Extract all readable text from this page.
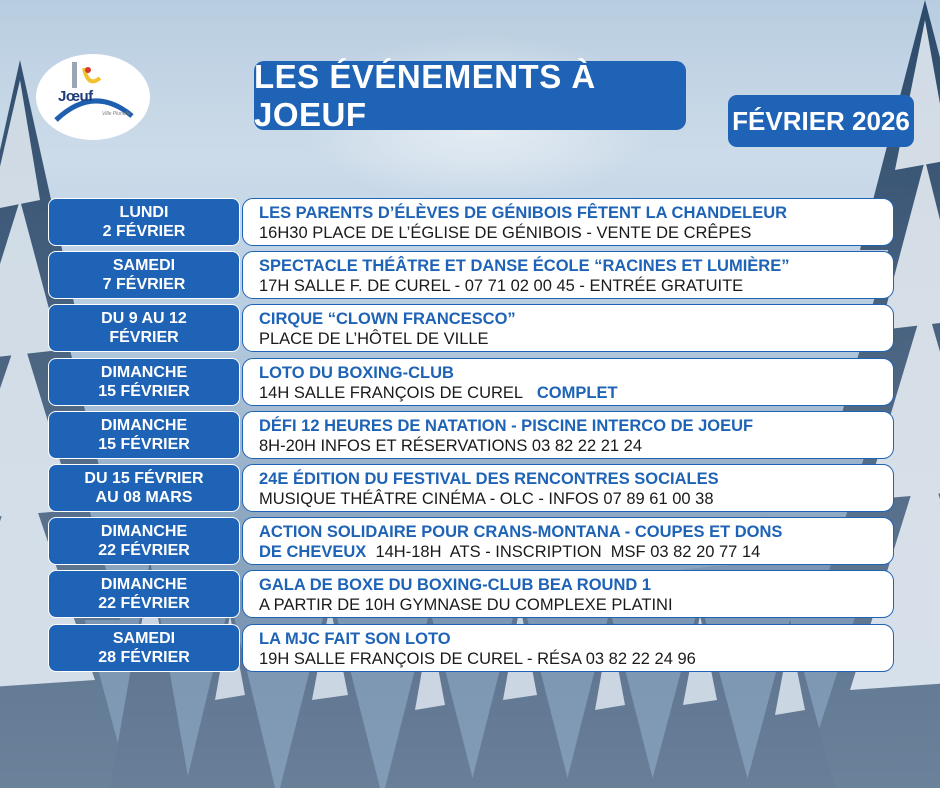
Jœuf
Ville Plurielle
LES ÉVÉNEMENTS À JOEUF	FÉVRIER 2026
LUNDI
2 FÉVRIER
LES PARENTS D’ÉLÈVES DE GÉNIBOIS FÊTENT LA CHANDELEUR
16H30 PLACE DE L’ÉGLISE DE GÉNIBOIS - VENTE DE CRÊPES
SAMEDI
7 FÉVRIER
SPECTACLE THÉÂTRE ET DANSE ÉCOLE “RACINES ET LUMIÈRE”
17H SALLE F. DE CUREL - 07 71 02 00 45 - ENTRÉE GRATUITE
DU 9 AU 12
FÉVRIER
CIRQUE “CLOWN FRANCESCO”
PLACE DE L’HÔTEL DE VILLE
DIMANCHE
15 FÉVRIER
LOTO DU BOXING-CLUB
14H SALLE FRANÇOIS DE CUREL COMPLET
DIMANCHE
15 FÉVRIER
DÉFI 12 HEURES DE NATATION - PISCINE INTERCO DE JOEUF
8H-20H INFOS ET RÉSERVATIONS 03 82 22 21 24
DU 15 FÉVRIER
AU 08 MARS
24E ÉDITION DU FESTIVAL DES RENCONTRES SOCIALES
MUSIQUE THÉÂTRE CINÉMA - OLC - INFOS 07 89 61 00 38
DIMANCHE
22 FÉVRIER
ACTION SOLIDAIRE POUR CRANS-MONTANA - COUPES ET DONS
DE CHEVEUX  14H-18H  ATS - INSCRIPTION  MSF 03 82 20 77 14
DIMANCHE
22 FÉVRIER
GALA DE BOXE DU BOXING-CLUB BEA ROUND 1
A PARTIR DE 10H GYMNASE DU COMPLEXE PLATINI
SAMEDI
28 FÉVRIER
LA MJC FAIT SON LOTO
19H SALLE FRANÇOIS DE CUREL - RÉSA 03 82 22 24 96
